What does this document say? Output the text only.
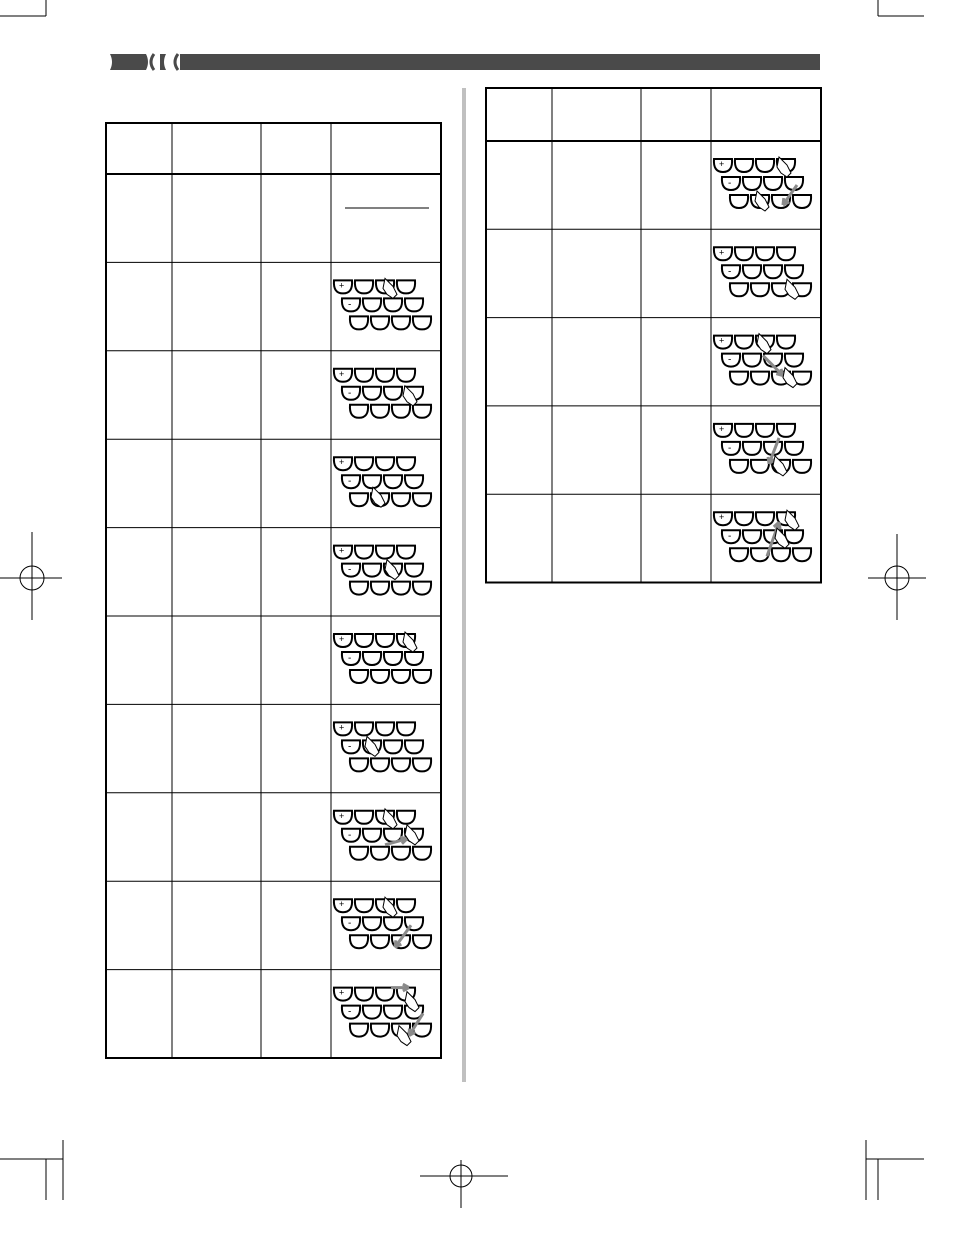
+
-
+
-
+
-
+
-
+
-
+
-
+
-
+
-
+
-
+
-
+
-
+
-
+
-
+
-
